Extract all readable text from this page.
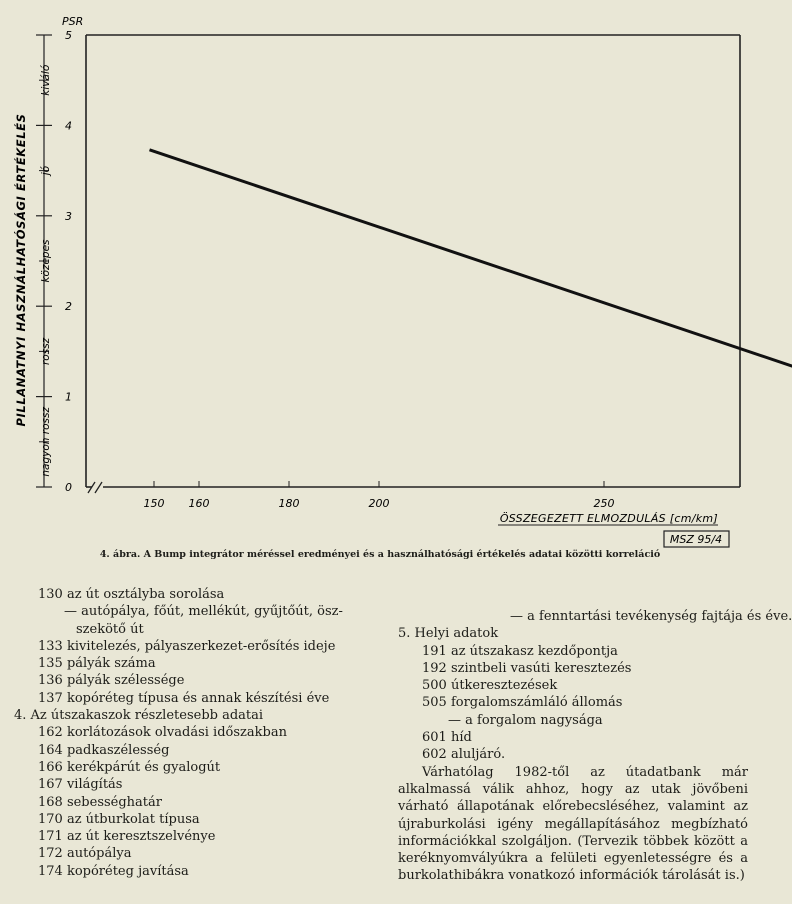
0
1
2
3
4
5
nagyon rossz
rossz
közepes
jó
kiváló
150 160	180	200	250
PSR
PILLANATNYI HASZNÁLHATÓSÁGI ÉRTÉKELÉS
ÖSSZEGEZETT ELMOZDULÁS [cm/km]
MSZ 95/4
4. ábra. A Bump integrátor méréssel eredményei és a használhatósági értékelés adatai közötti korreláció
130 az út osztályba sorolása
— autópálya, főút, mellékút, gyűjtőút, ösz-
szekötő út
133 kivitelezés, pályaszerkezet-erősítés ideje
135 pályák száma
136 pályák szélessége
137 kopóréteg típusa és annak készítési éve
4. Az útszakaszok részletesebb adatai
162 korlátozások olvadási időszakban
164 padkaszélesség
166 kerékpárút és gyalogút
167 világítás
168 sebességhatár
170 az útburkolat típusa
171 az út keresztszelvénye
172 autópálya
174 kopóréteg javítása
— a fenntartási tevékenység fajtája és éve.
5. Helyi adatok
191 az útszakasz kezdőpontja
192 szintbeli vasúti keresztezés
500 útkeresztezések
505 forgalomszámláló állomás
— a forgalom nagysága
601 híd
602 aluljáró.
Várhatólag 1982-től az útadatbank már alkalmassá válik ahhoz, hogy az utak jövőbeni várható állapotának előrebecsléséhez, valamint az újraburkolási igény megállapításához megbízható információkkal szolgáljon. (Tervezik többek között a keréknyomvályúkra a felületi egyenletességre és a burkolathibákra vonatkozó információk tárolását is.)
